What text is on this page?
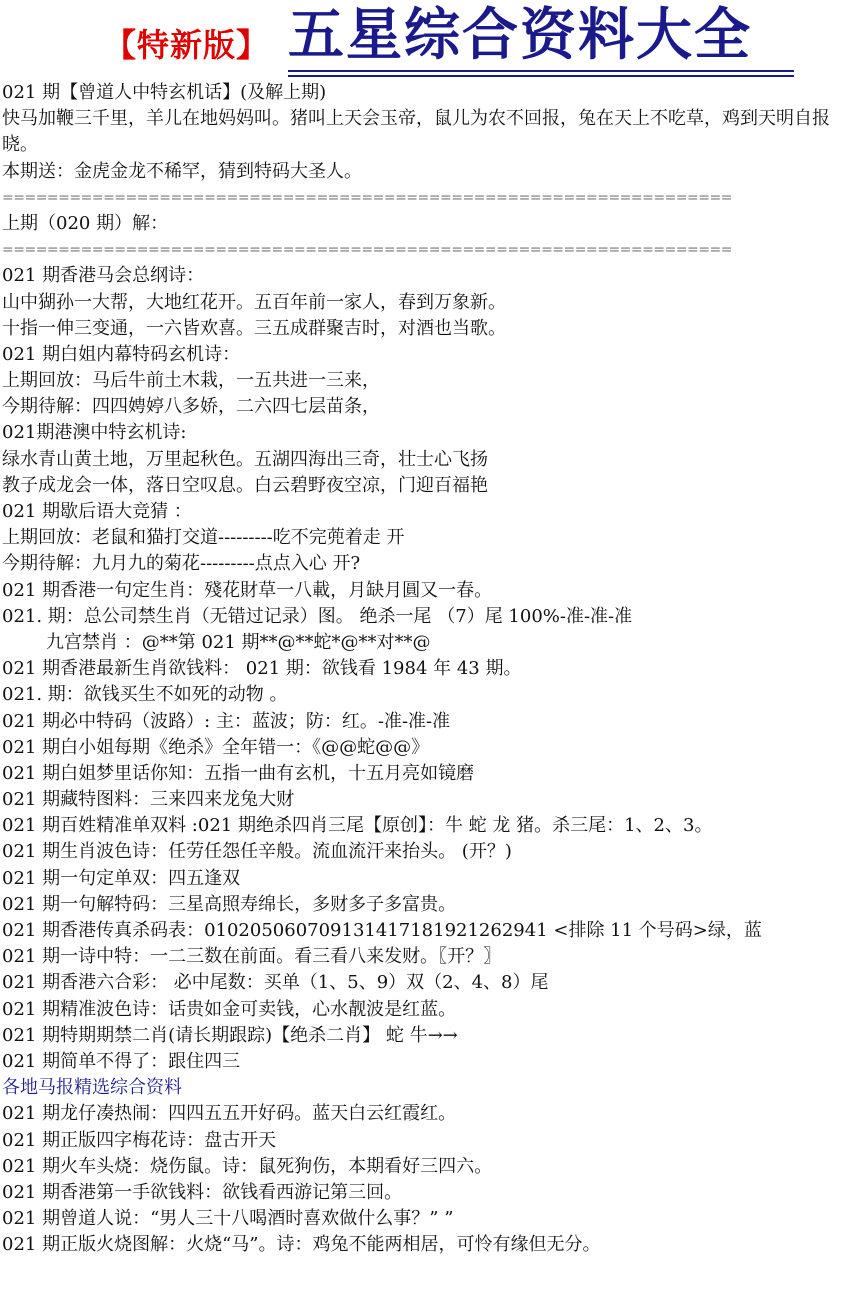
【特新版】 五星综合资料大全
021 期【曾道人中特玄机话】(及解上期)
快马加鞭三千里，羊儿在地妈妈叫。猪叫上天会玉帝，鼠儿为农不回报，兔在天上不吃草，鸡到天明自报晓。
本期送：金虎金龙不稀罕，猜到特码大圣人。
=================================================================
上期（020 期）解：
=================================================================
021 期香港马会总纲诗：
山中猢孙一大帮，大地红花开。五百年前一家人，春到万象新。
十指一伸三变通，一六皆欢喜。三五成群聚吉时，对酒也当歌。
021 期白姐内幕特码玄机诗：
上期回放：马后牛前土木栽，一五共进一三来，
今期待解：四四娉婷八多娇，二六四七层苗条，
021期港澳中特玄机诗:
绿水青山黄土地，万里起秋色。五湖四海出三奇，壮士心飞扬
教子成龙会一体，落日空叹息。白云碧野夜空凉，门迎百福艳
021 期歇后语大竞猜 ：
上期回放：老鼠和猫打交道---------吃不完蔸着走 开
今期待解：九月九的菊花---------点点入心 开?
021 期香港一句定生肖：殘花財草一八載，月缺月圓又一春。
021. 期：总公司禁生肖（无错过记录）图。 绝杀一尾 （7）尾 100%-准-准-准
九宫禁肖 ：@**第 021 期**@**蛇*@**对**@
021 期香港最新生肖欲钱料： 021 期：欲钱看 1984 年 43 期。
021. 期：欲钱买生不如死的动物 。
021 期必中特码（波路）: 主：蓝波；防：红。-准-准-准
021 期白小姐每期《绝杀》全年错一：《@@蛇@@》
021 期白姐梦里话你知：五指一曲有玄机，十五月亮如镜磨
021 期藏特图料：三来四来龙兔大财
021 期百姓精准单双料 :021 期绝杀四肖三尾【原创】：牛 蛇 龙 猪。杀三尾：1、2、3。
021 期生肖波色诗：任劳任怨任辛般。流血流汗来抬头。 (开？)
021 期一句定单双：四五逢双
021 期一句解特码：三星高照寿绵长，多财多子多富贵。
021 期香港传真杀码表：0102050607091314171819212629​41 <排除 11 个号码>绿，蓝
021 期一诗中特：一二三数在前面。看三看八来发财。〖开？〗
021 期香港六合彩： 必中尾数：买单（1、5、9）双（2、4、8）尾
021 期精准波色诗：话贵如金可卖钱，心水靓波是红蓝。
021 期特期期禁二肖(请长期跟踪)【绝杀二肖】 蛇 牛→→
021 期简单不得了：跟住四三
各地马报精选综合资料
021 期龙仔凑热闹：四四五五开好码。蓝天白云红霞红。
021 期正版四字梅花诗：盘古开天
021 期火车头烧：烧伤鼠。诗：鼠死狗伤，本期看好三四六。
021 期香港第一手欲钱料：欲钱看西游记第三回。
021 期曾道人说：“男人三十八喝酒时喜欢做什么事？” ”
021 期正版火烧图解：火烧“马”。诗：鸡兔不能两相居，可怜有缘但无分。
